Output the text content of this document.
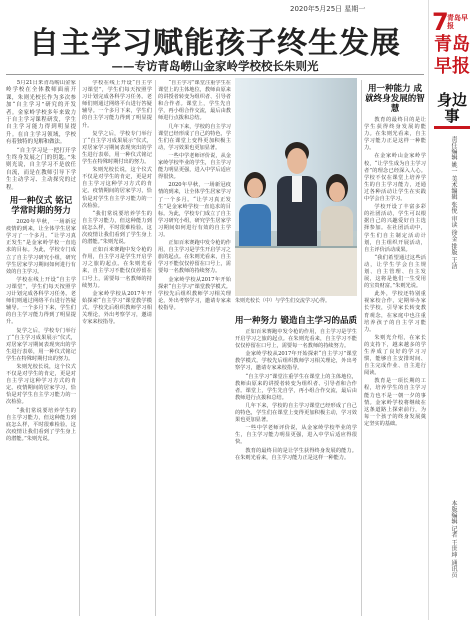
2020年5月25日 星期一
自主学习赋能孩子终生发展
——专访青岛崂山金家岭学校校长朱则光

5月21日来青岛崂山金家岭学校在全体教师面前开课，朱则光校长作为多次参加“自主学习”研究的开发者。金家岭学校多年来致力于自主学习课程研发，学生自主学习能力得到明显提升。在自主学习领域，学校有着独特的见解和做法。

“自主学习是一把打开学生终身发展之门的钥匙。”朱则光说，自主学习不是放任自流，而是在教师引导下学生主动学习、主动探究的过程。

用一种仪式 铭记学常时期的努力

2020年早秋，一场新冠疫情的到来，让全体学生居家学习了一个多月。“让学习真正发生”是金家岭学校一直追求的目标。为此，学校专门成立了自主学习研究小组，研究学生居家学习期间如何进行有效的自主学习。

学校在线上开设“自主学习课堂”，学生们每天按照学习计划完成各科学习任务。老师们则通过网络平台进行答疑辅导。一个多月下来，学生们的自主学习能力得到了明显提升。

复学之后，学校专门举行了“自主学习成果展示”仪式，对居家学习期间表现突出的学生进行表彰，用一种仪式铭记学生在特殊时期付出的努力。

朱则光校长说，这个仪式不仅是对学生的肯定，更是对自主学习这种学习方式的肯定。疫情期间的居家学习，恰恰是对学生自主学习能力的一次检验。

“我们常说要培养学生的自主学习能力，但这种能力到底怎么样，平时很难检验。这次疫情让我们看到了学生身上的潜能。”朱则光说。

学校在线上开设“自主学习课堂”，学生们每天按照学习计划完成各科学习任务。老师们则通过网络平台进行答疑辅导。一个多月下来，学生们的自主学习能力得到了明显提升。

复学之后，学校专门举行了“自主学习成果展示”仪式，对居家学习期间表现突出的学生进行表彰，用一种仪式铭记学生在特殊时期付出的努力。

朱则光校长说，这个仪式不仅是对学生的肯定，更是对自主学习这种学习方式的肯定。疫情期间的居家学习，恰恰是对学生自主学习能力的一次检验。

“我们常说要培养学生的自主学习能力，但这种能力到底怎么样，平时很难检验。这次疫情让我们看到了学生身上的潜能。”朱则光说。

正如百米赛跑中发令枪的作用，自主学习是学生开启学习之旅的起点。在朱则光看来，自主学习不能仅仅停留在口号上，需要每一名教师的持续努力。

金家岭学校从2017年开始探索“自主学习”课堂教学模式。学校先后组织教师学习相关理论，外出考察学习，邀请专家来校指导。

“自主学习”课堂注重学生在课堂上的主体地位，教师由原来的讲授者转变为组织者、引导者和合作者。课堂上，学生先自学，再小组合作交流，最后由教师进行点拨和总结。

几年下来，学校的自主学习课堂已经形成了自己的特色，学生们在课堂上变得更加积极主动，学习效果也更加显著。

一些中学老师评价说，从金家岭学校毕业的学生，自主学习能力明显更强，进入中学后适应得很快。

2020年早秋，一场新冠疫情的到来，让全体学生居家学习了一个多月。“让学习真正发生”是金家岭学校一直追求的目标。为此，学校专门成立了自主学习研究小组，研究学生居家学习期间如何进行有效的自主学习。

正如百米赛跑中发令枪的作用，自主学习是学生开启学习之旅的起点。在朱则光看来，自主学习不能仅仅停留在口号上，需要每一名教师的持续努力。

金家岭学校从2017年开始探索“自主学习”课堂教学模式。学校先后组织教师学习相关理论，外出考察学习，邀请专家来校指导。

朱则光校长（中）与学生们交流学习心得。
用一种努力 锻造自主学习的品质

正如百米赛跑中发令枪的作用，自主学习是学生开启学习之旅的起点。在朱则光看来，自主学习不能仅仅停留在口号上，需要每一名教师的持续努力。

金家岭学校从2017年开始探索“自主学习”课堂教学模式。学校先后组织教师学习相关理论，外出考察学习，邀请专家来校指导。

“自主学习”课堂注重学生在课堂上的主体地位，教师由原来的讲授者转变为组织者、引导者和合作者。课堂上，学生先自学，再小组合作交流，最后由教师进行点拨和总结。

几年下来，学校的自主学习课堂已经形成了自己的特色，学生们在课堂上变得更加积极主动，学习效果也更加显著。

一些中学老师评价说，从金家岭学校毕业的学生，自主学习能力明显更强，进入中学后适应得很快。

教育的最终目的是让学生获得终身发展的能力。在朱则光看来，自主学习能力正是这样一种能力。

用一种能力 成就终身发展的智慧

教育的最终目的是让学生获得终身发展的能力。在朱则光看来，自主学习能力正是这样一种能力。

在金家岭山金家岭学校，“让学生成为自主学习者”的理念已经深入人心。学校不仅在课堂上培养学生的自主学习能力，还通过各种活动让学生在实践中学会自主学习。

学校开设了丰富多彩的社团活动，学生可以根据自己的兴趣爱好自主选择参加。在社团活动中，学生们自主制定活动计划，自主组织开展活动，自主评价活动成果。

“我们希望通过这些活动，让学生学会自主规划、自主管理、自主发展，这将是他们一生受用的宝贵财富。”朱则光说。

此外，学校还特别重视家校合作，定期举办家长学校，引导家长转变教育观念，在家庭中也注重培养孩子的自主学习能力。

朱则光介绍，在家长的支持下，越来越多的学生养成了良好的学习习惯，能够自主安排时间、自主完成作业、自主进行阅读。

教育是一项长期的工程，培养学生的自主学习能力也不是一朝一夕的事情。金家岭学校将继续在这条道路上探索前行，为每一个孩子的终身发展奠定坚实的基础。

7
青岛早报
青岛早报
身边事
责任编辑 姚一 美术编辑 张悦 审读 徐金 排版 王洁
本版编辑 记者 王世坤 通讯员
